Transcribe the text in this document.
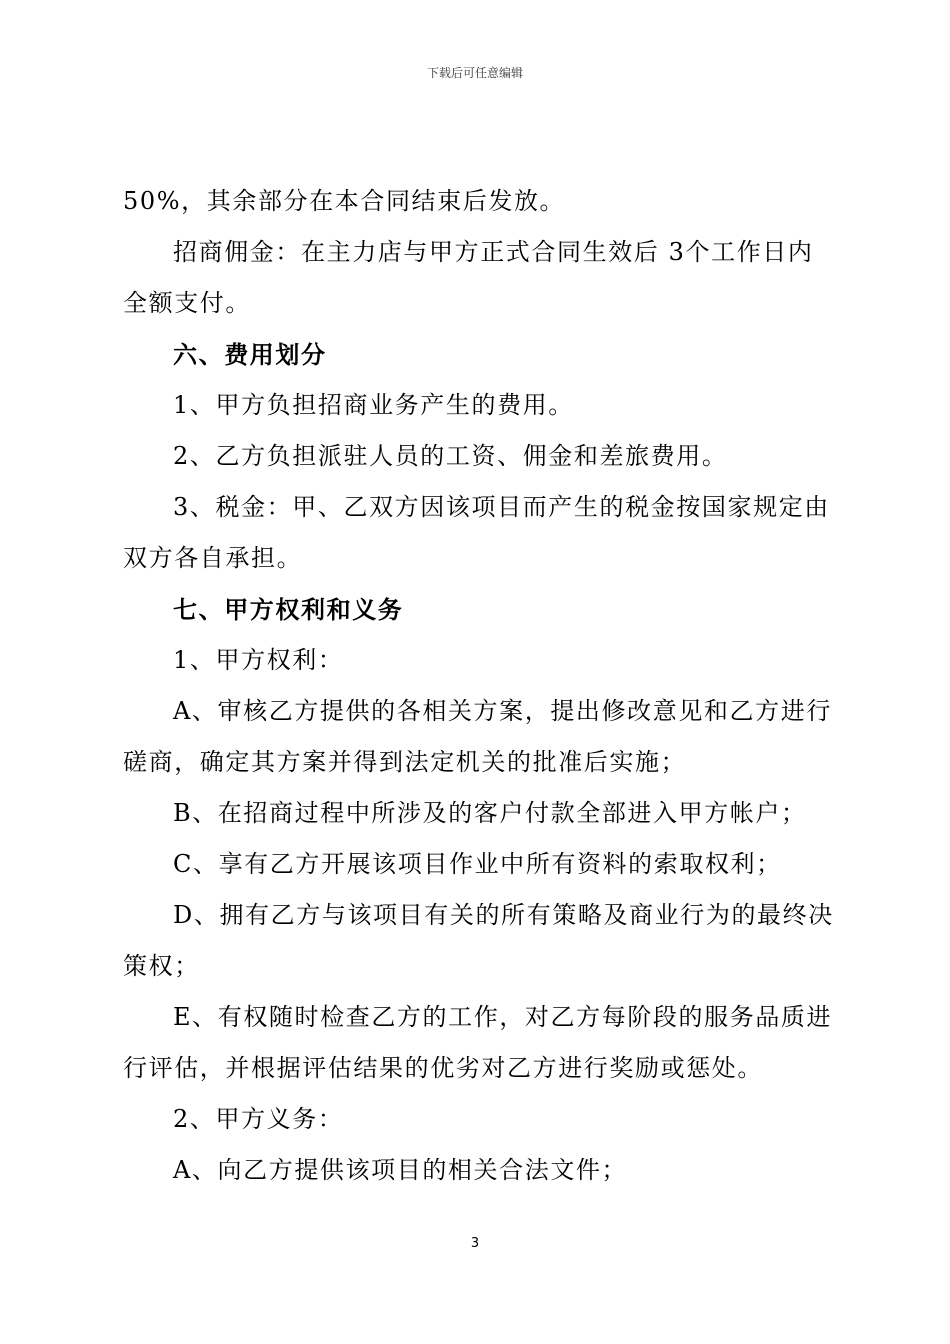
下载后可任意编辑

50%，其余部分在本合同结束后发放。

招商佣金：在主力店与甲方正式合同生效后 3个工作日内

全额支付。

六、费用划分

1、甲方负担招商业务产生的费用。

2、乙方负担派驻人员的工资、佣金和差旅费用。

3、税金：甲、乙双方因该项目而产生的税金按国家规定由

双方各自承担。

七、甲方权利和义务

1、甲方权利：

A、审核乙方提供的各相关方案，提出修改意见和乙方进行

磋商，确定其方案并得到法定机关的批准后实施；

B、在招商过程中所涉及的客户付款全部进入甲方帐户；

C、享有乙方开展该项目作业中所有资料的索取权利；

D、拥有乙方与该项目有关的所有策略及商业行为的最终决

策权；

E、有权随时检查乙方的工作，对乙方每阶段的服务品质进

行评估，并根据评估结果的优劣对乙方进行奖励或惩处。

2、甲方义务：

A、向乙方提供该项目的相关合法文件；

3
